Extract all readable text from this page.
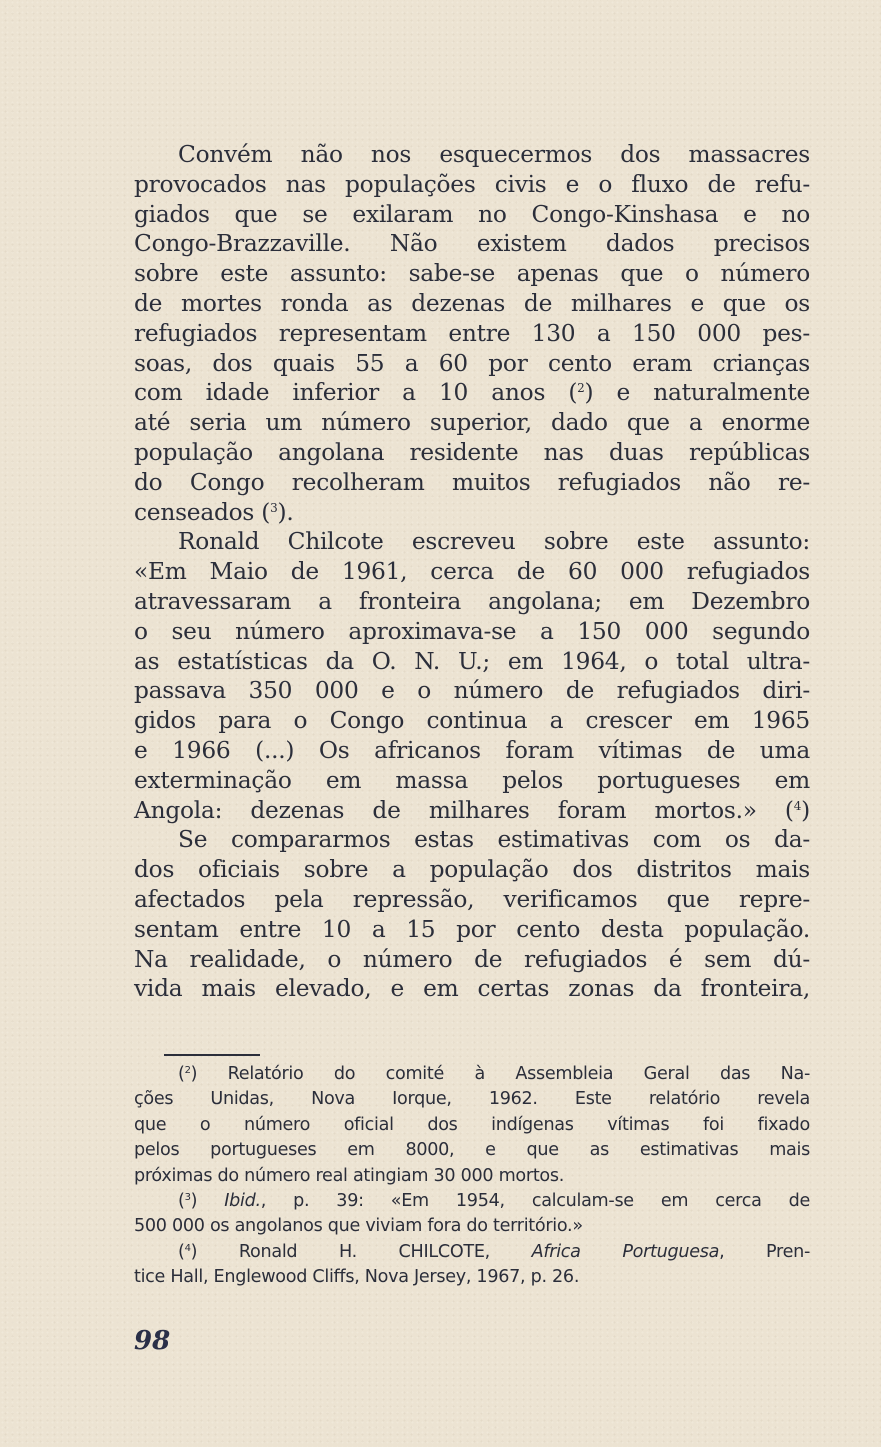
Convém não nos esquecermos dos massacres
provocados nas populações civis e o fluxo de refu-
giados que se exilaram no Congo-Kinshasa e no
Congo-Brazzaville. Não existem dados precisos
sobre este assunto: sabe-se apenas que o número
de mortes ronda as dezenas de milhares e que os
refugiados representam entre 130 a 150 000 pes-
soas, dos quais 55 a 60 por cento eram crianças
com idade inferior a 10 anos ($^2$) e naturalmente
até seria um número superior, dado que a enorme
população angolana residente nas duas repúblicas
do Congo recolheram muitos refugiados não re-
censeados ($^3$).
Ronald Chilcote escreveu sobre este assunto:
«Em Maio de 1961, cerca de 60 000 refugiados
atravessaram a fronteira angolana; em Dezembro
o seu número aproximava-se a 150 000 segundo
as estatísticas da O. N. U.; em 1964, o total ultra-
passava 350 000 e o número de refugiados diri-
gidos para o Congo continua a crescer em 1965
e 1966 (...) Os africanos foram vítimas de uma
exterminação em massa pelos portugueses em
Angola: dezenas de milhares foram mortos.» ($^4$)
Se compararmos estas estimativas com os da-
dos oficiais sobre a população dos distritos mais
afectados pela repressão, verificamos que repre-
sentam entre 10 a 15 por cento desta população.
Na realidade, o número de refugiados é sem dú-
vida mais elevado, e em certas zonas da fronteira,
($^2$) Relatório do comité à Assembleia Geral das Na-
ções Unidas, Nova Iorque, 1962. Este relatório revela
que o número oficial dos indígenas vítimas foi fixado
pelos portugueses em 8000, e que as estimativas mais
próximas do número real atingiam 30 000 mortos.
($^3$) Ibid., p. 39: «Em 1954, calculam-se em cerca de
500 000 os angolanos que viviam fora do território.»
($^4$) Ronald H. CHILCOTE, Africa Portuguesa, Pren-
tice Hall, Englewood Cliffs, Nova Jersey, 1967, p. 26.
98
